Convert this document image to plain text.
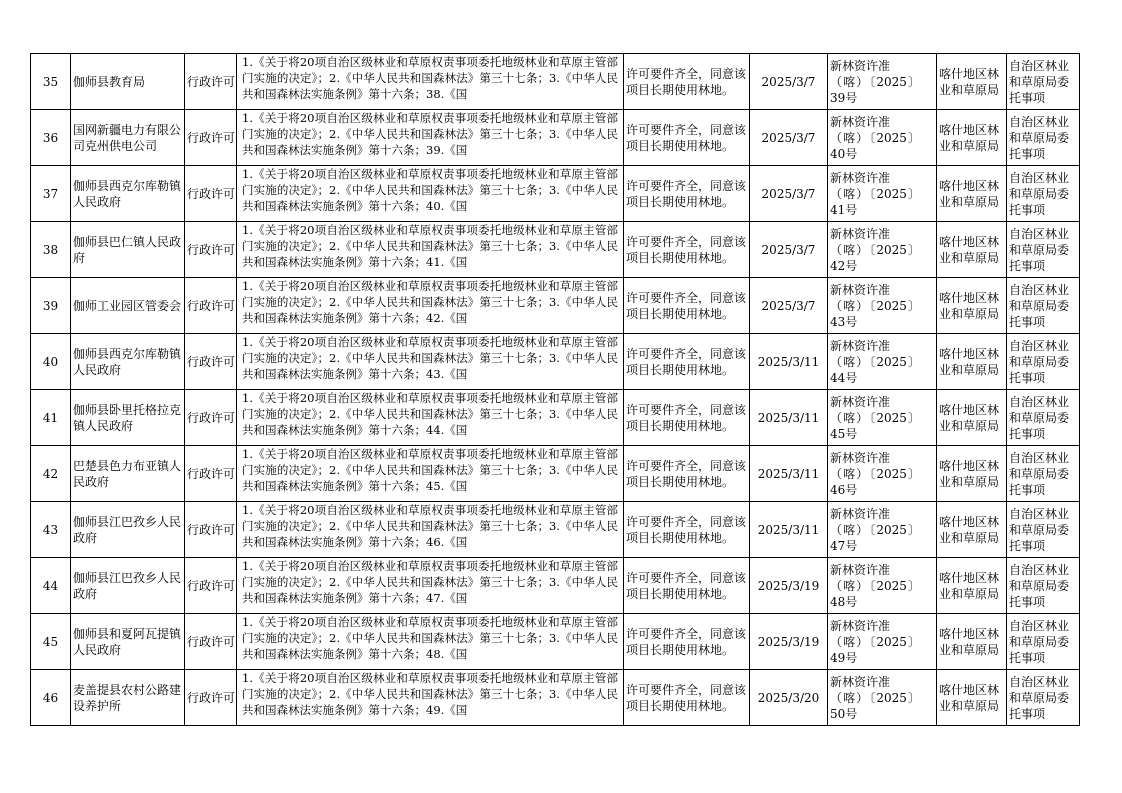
35	伽师县教育局	行政许可	1.《关于将20项自治区级林业和草原权责事项委托地级林业和草原主管部门实施的决定》；2.《中华人民共和国森林法》第三十七条；3.《中华人民共和国森林法实施条例》第十六条；38.《国	许可要件齐全，同意该项目长期使用林地。	2025/3/7	新林资许准
（喀）〔2025〕
39号	喀什地区林业和草原局	自治区林业和草原局委托事项
36	国网新疆电力有限公司克州供电公司	行政许可	1.《关于将20项自治区级林业和草原权责事项委托地级林业和草原主管部门实施的决定》；2.《中华人民共和国森林法》第三十七条；3.《中华人民共和国森林法实施条例》第十六条；39.《国	许可要件齐全，同意该项目长期使用林地。	2025/3/7	新林资许准
（喀）〔2025〕
40号	喀什地区林业和草原局	自治区林业和草原局委托事项
37	伽师县西克尔库勒镇人民政府	行政许可	1.《关于将20项自治区级林业和草原权责事项委托地级林业和草原主管部门实施的决定》；2.《中华人民共和国森林法》第三十七条；3.《中华人民共和国森林法实施条例》第十六条；40.《国	许可要件齐全，同意该项目长期使用林地。	2025/3/7	新林资许准
（喀）〔2025〕
41号	喀什地区林业和草原局	自治区林业和草原局委托事项
38	伽师县巴仁镇人民政府	行政许可	1.《关于将20项自治区级林业和草原权责事项委托地级林业和草原主管部门实施的决定》；2.《中华人民共和国森林法》第三十七条；3.《中华人民共和国森林法实施条例》第十六条；41.《国	许可要件齐全，同意该项目长期使用林地。	2025/3/7	新林资许准
（喀）〔2025〕
42号	喀什地区林业和草原局	自治区林业和草原局委托事项
39	伽师工业园区管委会	行政许可	1.《关于将20项自治区级林业和草原权责事项委托地级林业和草原主管部门实施的决定》；2.《中华人民共和国森林法》第三十七条；3.《中华人民共和国森林法实施条例》第十六条；42.《国	许可要件齐全，同意该项目长期使用林地。	2025/3/7	新林资许准
（喀）〔2025〕
43号	喀什地区林业和草原局	自治区林业和草原局委托事项
40	伽师县西克尔库勒镇人民政府	行政许可	1.《关于将20项自治区级林业和草原权责事项委托地级林业和草原主管部门实施的决定》；2.《中华人民共和国森林法》第三十七条；3.《中华人民共和国森林法实施条例》第十六条；43.《国	许可要件齐全，同意该项目长期使用林地。	2025/3/11	新林资许准
（喀）〔2025〕
44号	喀什地区林业和草原局	自治区林业和草原局委托事项
41	伽师县卧里托格拉克镇人民政府	行政许可	1.《关于将20项自治区级林业和草原权责事项委托地级林业和草原主管部门实施的决定》；2.《中华人民共和国森林法》第三十七条；3.《中华人民共和国森林法实施条例》第十六条；44.《国	许可要件齐全，同意该项目长期使用林地。	2025/3/11	新林资许准
（喀）〔2025〕
45号	喀什地区林业和草原局	自治区林业和草原局委托事项
42	巴楚县色力布亚镇人民政府	行政许可	1.《关于将20项自治区级林业和草原权责事项委托地级林业和草原主管部门实施的决定》；2.《中华人民共和国森林法》第三十七条；3.《中华人民共和国森林法实施条例》第十六条；45.《国	许可要件齐全，同意该项目长期使用林地。	2025/3/11	新林资许准
（喀）〔2025〕
46号	喀什地区林业和草原局	自治区林业和草原局委托事项
43	伽师县江巴孜乡人民政府	行政许可	1.《关于将20项自治区级林业和草原权责事项委托地级林业和草原主管部门实施的决定》；2.《中华人民共和国森林法》第三十七条；3.《中华人民共和国森林法实施条例》第十六条；46.《国	许可要件齐全，同意该项目长期使用林地。	2025/3/11	新林资许准
（喀）〔2025〕
47号	喀什地区林业和草原局	自治区林业和草原局委托事项
44	伽师县江巴孜乡人民政府	行政许可	1.《关于将20项自治区级林业和草原权责事项委托地级林业和草原主管部门实施的决定》；2.《中华人民共和国森林法》第三十七条；3.《中华人民共和国森林法实施条例》第十六条；47.《国	许可要件齐全，同意该项目长期使用林地。	2025/3/19	新林资许准
（喀）〔2025〕
48号	喀什地区林业和草原局	自治区林业和草原局委托事项
45	伽师县和夏阿瓦提镇人民政府	行政许可	1.《关于将20项自治区级林业和草原权责事项委托地级林业和草原主管部门实施的决定》；2.《中华人民共和国森林法》第三十七条；3.《中华人民共和国森林法实施条例》第十六条；48.《国	许可要件齐全，同意该项目长期使用林地。	2025/3/19	新林资许准
（喀）〔2025〕
49号	喀什地区林业和草原局	自治区林业和草原局委托事项
46	麦盖提县农村公路建设养护所	行政许可	1.《关于将20项自治区级林业和草原权责事项委托地级林业和草原主管部门实施的决定》；2.《中华人民共和国森林法》第三十七条；3.《中华人民共和国森林法实施条例》第十六条；49.《国	许可要件齐全，同意该项目长期使用林地。	2025/3/20	新林资许准
（喀）〔2025〕
50号	喀什地区林业和草原局	自治区林业和草原局委托事项
